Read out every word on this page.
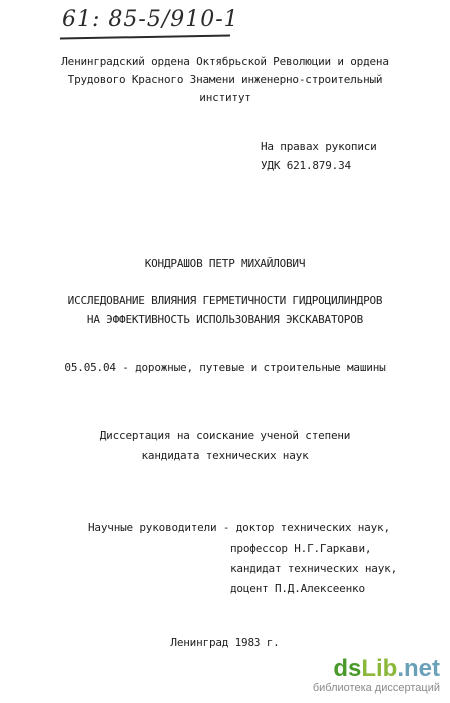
61: 85-5/910-1
Ленинградский ордена Октябрьской Революции и ордена
Трудового Красного Знамени инженерно-строительный
институт
На правах рукописи
УДК 621.879.34
КОНДРАШОВ ПЕТР МИХАЙЛОВИЧ
ИССЛЕДОВАНИЕ ВЛИЯНИЯ ГЕРМЕТИЧНОСТИ ГИДРОЦИЛИНДРОВ
НА ЭФФЕКТИВНОСТЬ ИСПОЛЬЗОВАНИЯ ЭКСКАВАТОРОВ
05.05.04 - дорожные, путевые и строительные машины
Диссертация на соискание ученой степени
кандидата технических наук
Научные руководители - доктор технических наук,
профессор Н.Г.Гаркави,
кандидат технических наук,
доцент П.Д.Алексеенко
Ленинград 1983 г.
dsLib.net
библиотека диссертаций
